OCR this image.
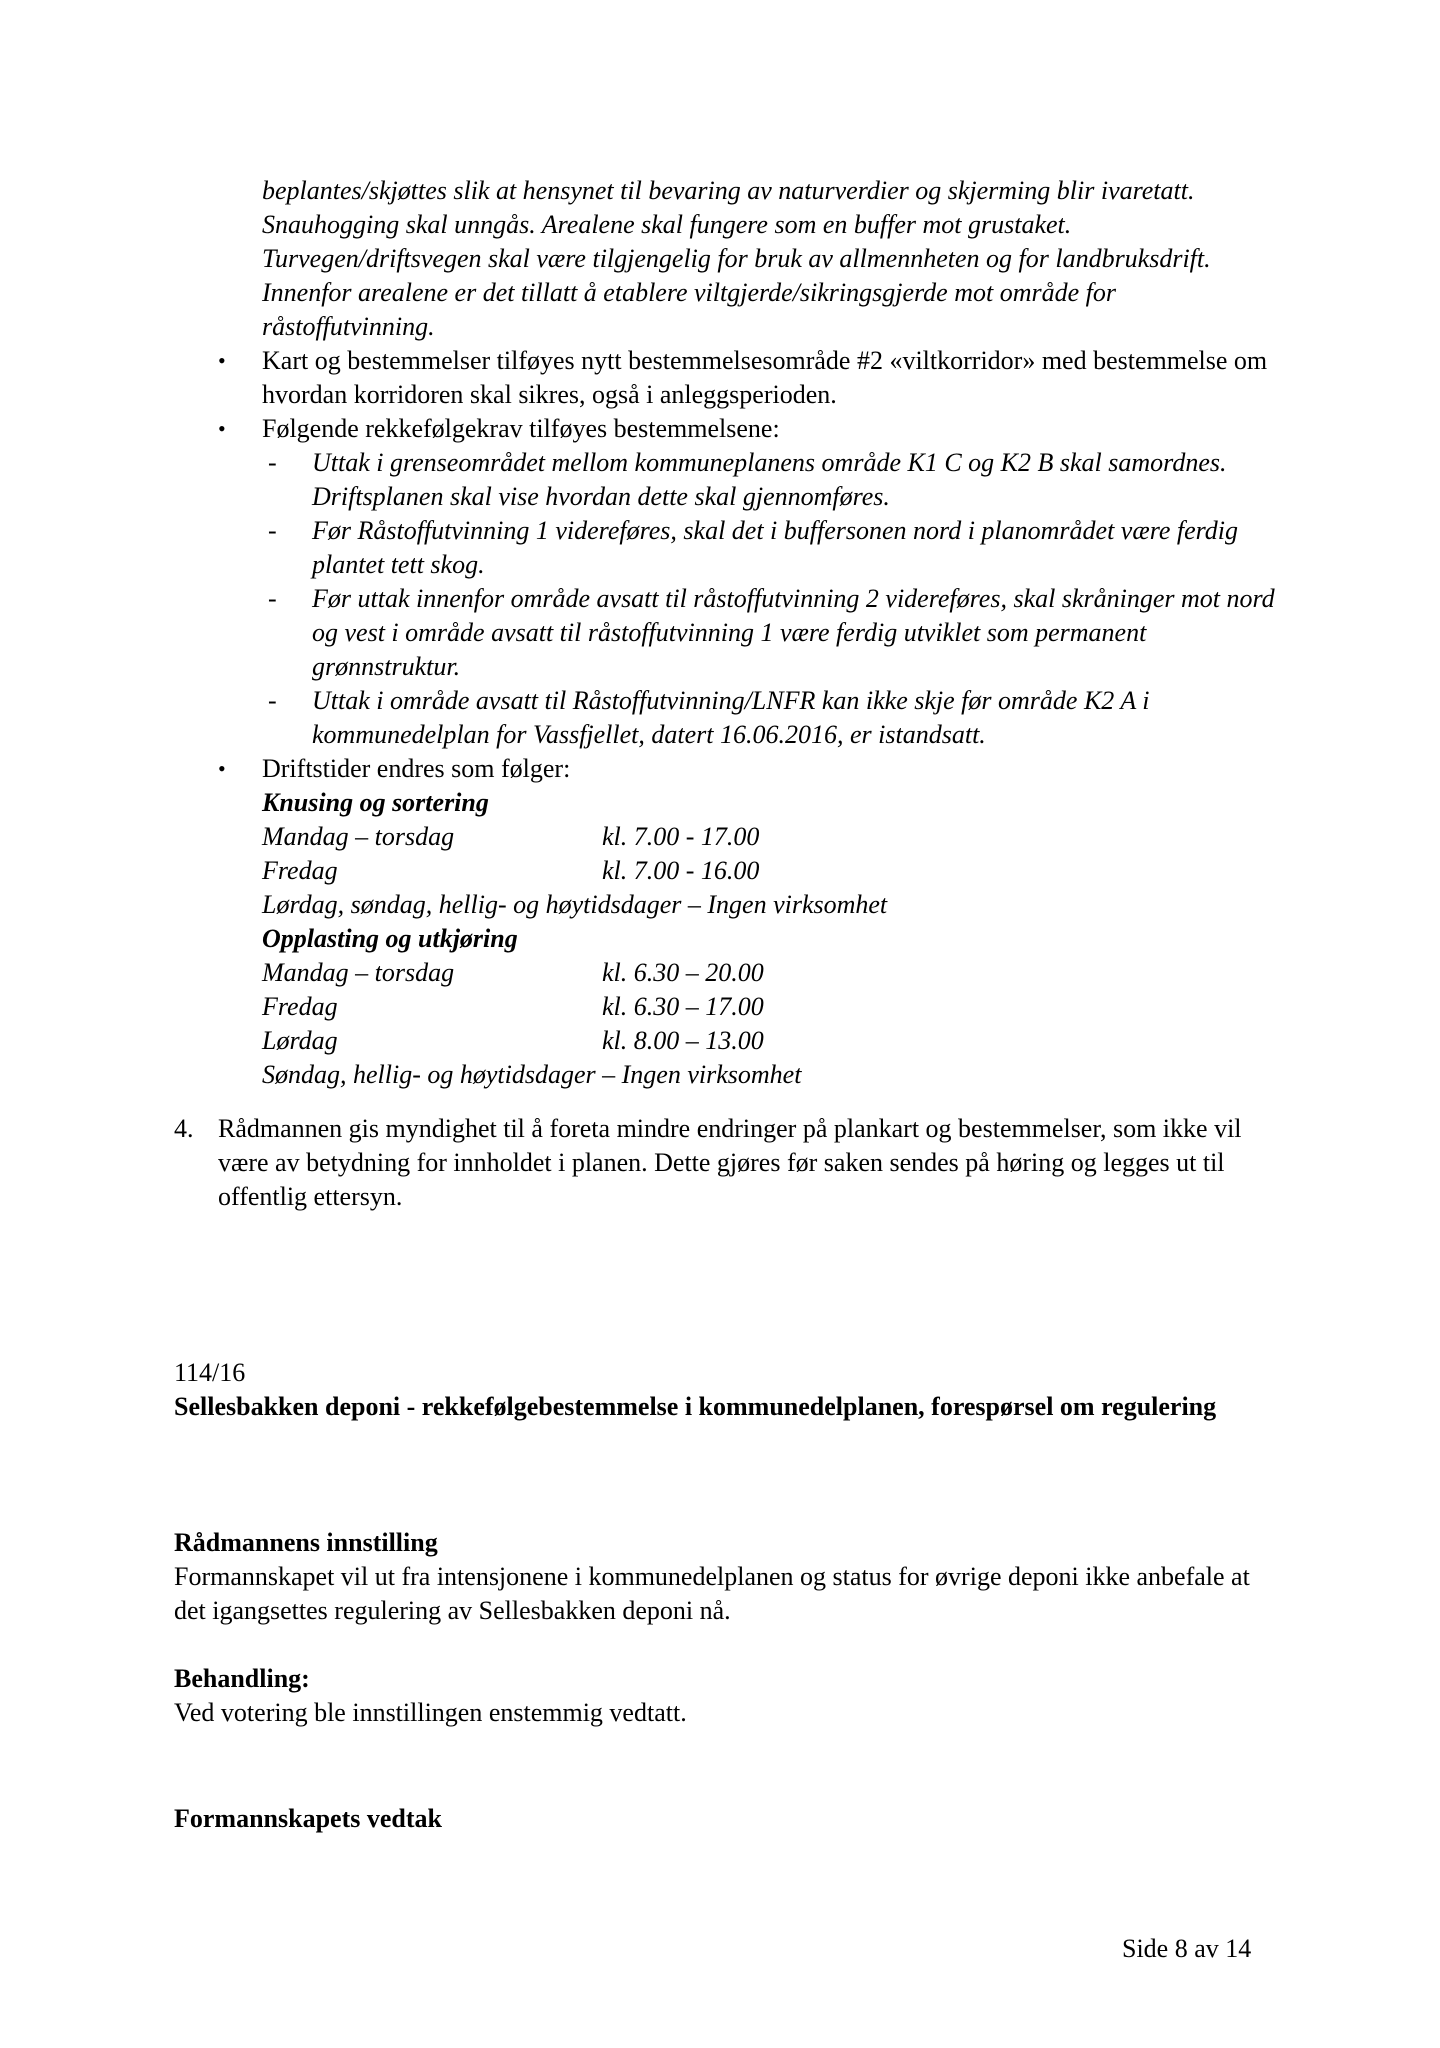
beplantes/skjøttes slik at hensynet til bevaring av naturverdier og skjerming blir ivaretatt. Snauhogging skal unngås. Arealene skal fungere som en buffer mot grustaket. Turvegen/driftsvegen skal være tilgjengelig for bruk av allmennheten og for landbruksdrift. Innenfor arealene er det tillatt å etablere viltgjerde/sikringsgjerde mot område for råstoffutvinning.

•	Kart og bestemmelser tilføyes nytt bestemmelsesområde #2 «viltkorridor» med bestemmelse om hvordan korridoren skal sikres, også i anleggsperioden.

•	Følgende rekkefølgekrav tilføyes bestemmelsene:

- Uttak i grenseområdet mellom kommuneplanens område K1 C og K2 B skal samordnes. Driftsplanen skal vise hvordan dette skal gjennomføres.

- Før Råstoffutvinning 1 videreføres, skal det i buffersonen nord i planområdet være ferdig plantet tett skog.

- Før uttak innenfor område avsatt til råstoffutvinning 2 videreføres, skal skråninger mot nord og vest i område avsatt til råstoffutvinning 1 være ferdig utviklet som permanent grønnstruktur.

- Uttak i område avsatt til Råstoffutvinning/LNFR kan ikke skje før område K2 A i kommunedelplan for Vassfjellet, datert 16.06.2016, er istandsatt.

•	Driftstider endres som følger:

Knusing og sortering
Mandag – torsdag	kl. 7.00 - 17.00
Fredag	kl. 7.00 - 16.00
Lørdag, søndag, hellig- og høytidsdager – Ingen virksomhet
Opplasting og utkjøring
Mandag – torsdag	kl. 6.30 – 20.00
Fredag	kl. 6.30 – 17.00
Lørdag	kl. 8.00 – 13.00
Søndag, hellig- og høytidsdager – Ingen virksomhet
4. Rådmannen gis myndighet til å foreta mindre endringer på plankart og bestemmelser, som ikke vil være av betydning for innholdet i planen. Dette gjøres før saken sendes på høring og legges ut til offentlig ettersyn.

114/16

Sellesbakken deponi - rekkefølgebestemmelse i kommunedelplanen, forespørsel om regulering

Rådmannens innstilling

Formannskapet vil ut fra intensjonene i kommunedelplanen og status for øvrige deponi ikke anbefale at det igangsettes regulering av Sellesbakken deponi nå.

Behandling:

Ved votering ble innstillingen enstemmig vedtatt.

Formannskapets vedtak
Side 8 av 14
